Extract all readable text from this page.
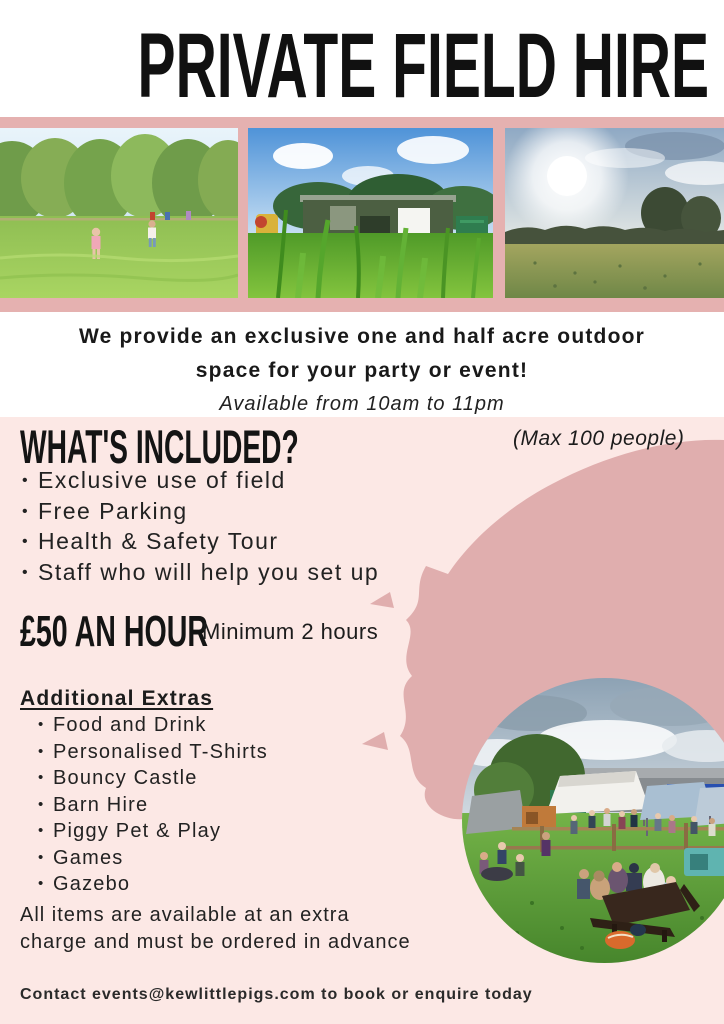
PRIVATE FIELD HIRE
We provide an exclusive one and half acre outdoor
space for your party or event!
Available from 10am to 11pm
WHAT'S INCLUDED?	(Max 100 people)
• Exclusive use of field
• Free Parking
• Health & Safety Tour
• Staff who will help you set up
£50 AN HOUR
Minimum 2 hours
Additional Extras
• Food and Drink
• Personalised T-Shirts
• Bouncy Castle
• Barn Hire
• Piggy Pet & Play
• Games
• Gazebo
All items are available at an extra
charge and must be ordered in advance
Contact events@kewlittlepigs.com to book or enquire today
